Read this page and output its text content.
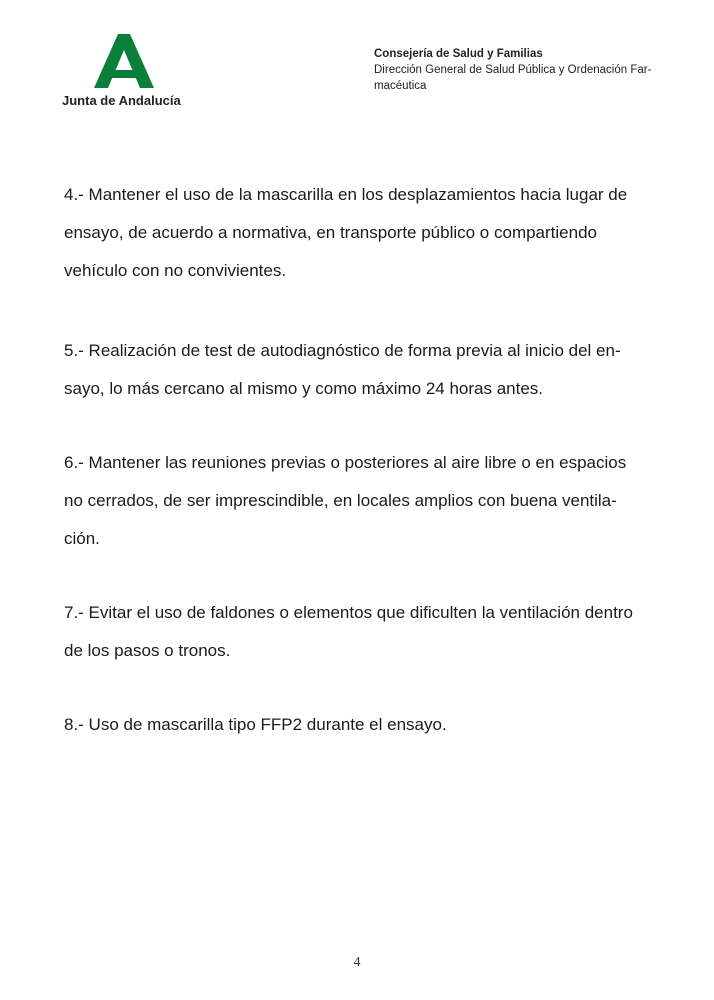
Junta de Andalucía
Consejería de Salud y Familias
Dirección General de Salud Pública y Ordenación Far-
macéutica
4.- Mantener el uso de la mascarilla en los desplazamientos hacia lugar de
ensayo, de acuerdo a normativa, en transporte público o compartiendo
vehículo con no convivientes.
5.- Realización de test de autodiagnóstico de forma previa al inicio del en-
sayo, lo más cercano al mismo y como máximo 24 horas antes.
6.- Mantener las reuniones previas o posteriores al aire libre o en espacios
no cerrados, de ser imprescindible, en locales amplios con buena ventila-
ción.
7.- Evitar el uso de faldones o elementos que dificulten la ventilación dentro
de los pasos o tronos.
8.- Uso de mascarilla tipo FFP2 durante el ensayo.
4
